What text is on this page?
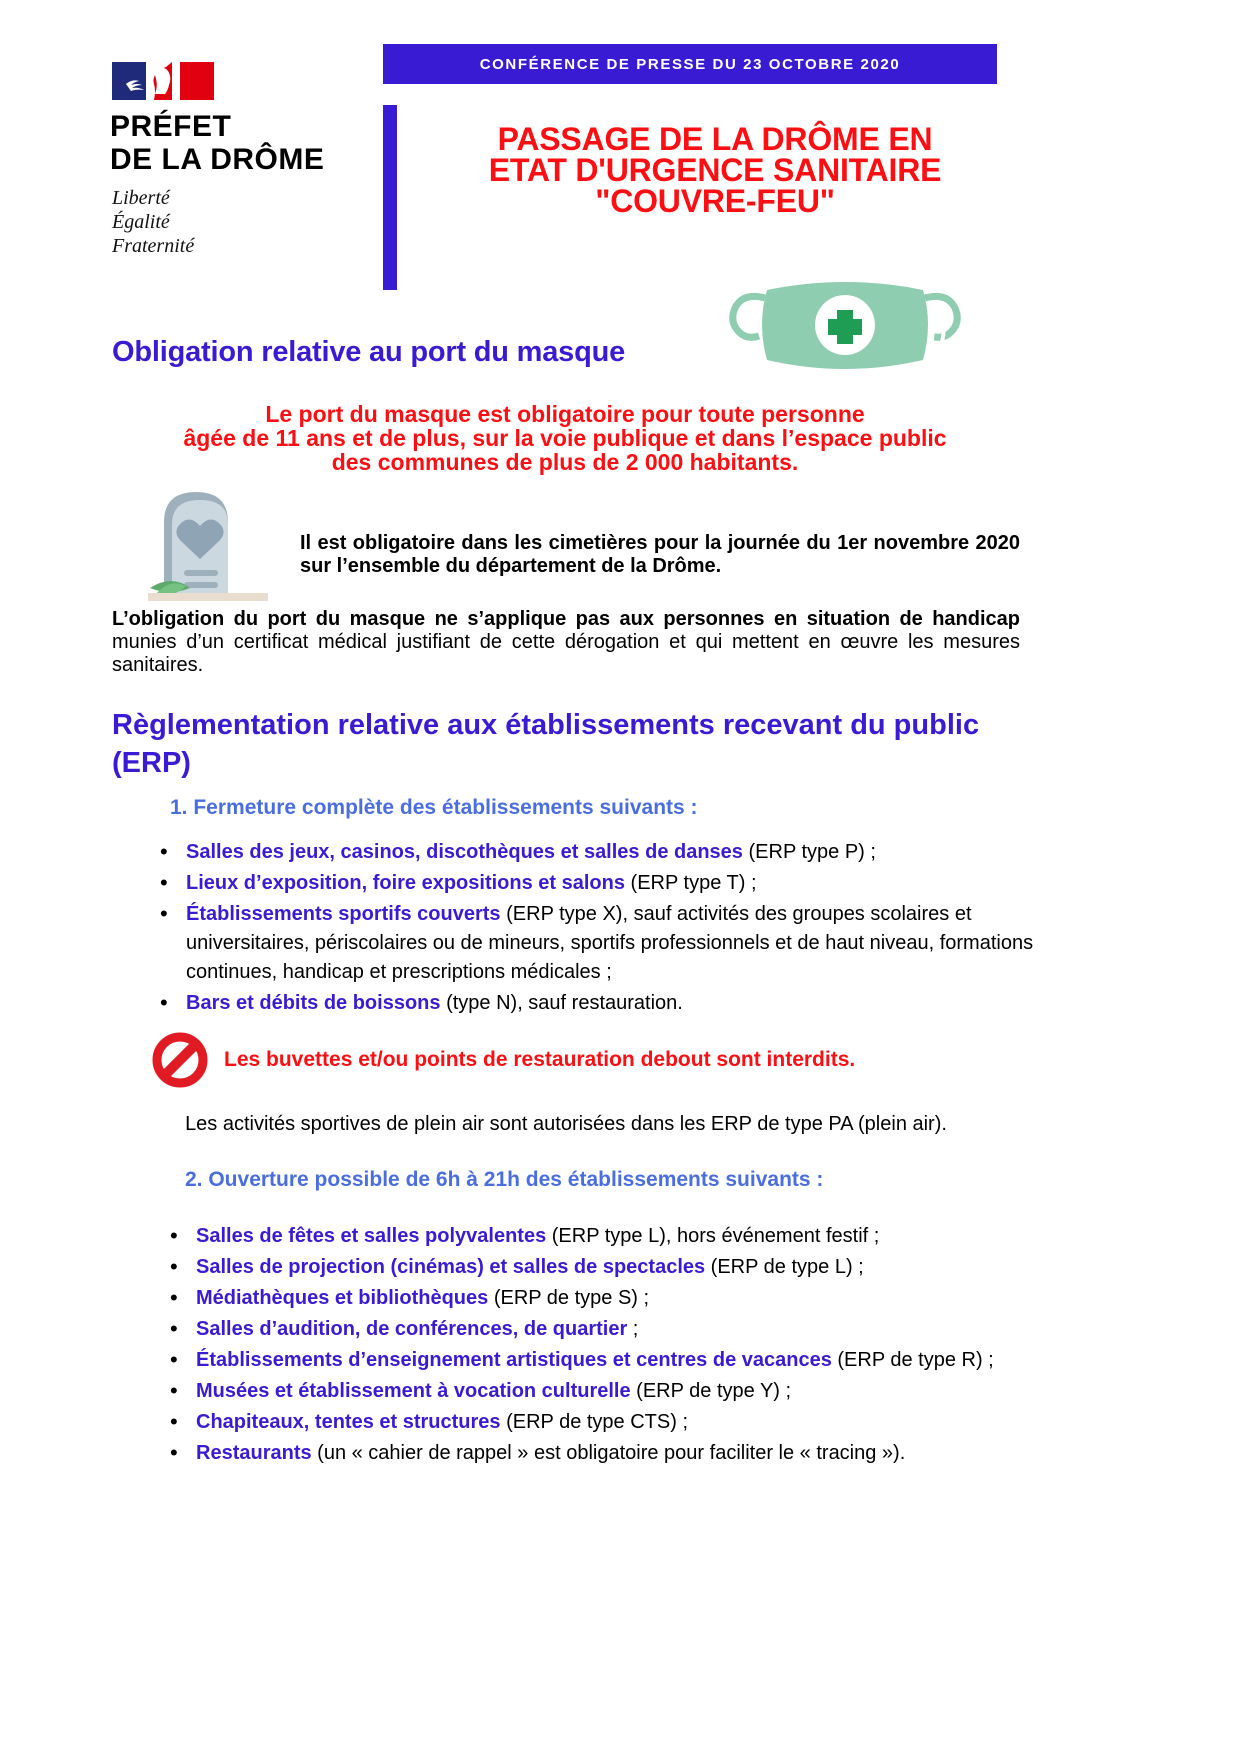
PRÉFET
DE LA DRÔME
Liberté
Égalité
Fraternité
CONFÉRENCE DE PRESSE DU 23 OCTOBRE 2020
PASSAGE DE LA DRÔME EN
ETAT D'URGENCE SANITAIRE
"COUVRE-FEU"
Obligation relative au port du masque
Le port du masque est obligatoire pour toute personne
âgée de 11 ans et de plus, sur la voie publique et dans l’espace public
des communes de plus de 2 000 habitants.
Il est obligatoire dans les cimetières pour la journée du 1er novembre 2020 sur l’ensemble du département de la Drôme.
L’obligation du port du masque ne s’applique pas aux personnes en situation de handicap munies d’un certificat médical justifiant de cette dérogation et qui mettent en œuvre les mesures sanitaires.
Règlementation relative aux établissements recevant du public (ERP)
1. Fermeture complète des établissements suivants :
• Salles des jeux, casinos, discothèques et salles de danses (ERP type P) ;
• Lieux d’exposition, foire expositions et salons (ERP type T) ;
• Établissements sportifs couverts (ERP type X), sauf activités des groupes scolaires et universitaires, périscolaires ou de mineurs, sportifs professionnels et de haut niveau, formations continues, handicap et prescriptions médicales ;
• Bars et débits de boissons (type N), sauf restauration.
Les buvettes et/ou points de restauration debout sont interdits.
Les activités sportives de plein air sont autorisées dans les ERP de type PA (plein air).
2. Ouverture possible de 6h à 21h des établissements suivants :
• Salles de fêtes et salles polyvalentes (ERP type L), hors événement festif ;
• Salles de projection (cinémas) et salles de spectacles (ERP de type L) ;
• Médiathèques et bibliothèques (ERP de type S) ;
• Salles d’audition, de conférences, de quartier ;
• Établissements d’enseignement artistiques et centres de vacances (ERP de type R) ;
• Musées et établissement à vocation culturelle (ERP de type Y) ;
• Chapiteaux, tentes et structures (ERP de type CTS) ;
• Restaurants (un « cahier de rappel » est obligatoire pour faciliter le « tracing »).
